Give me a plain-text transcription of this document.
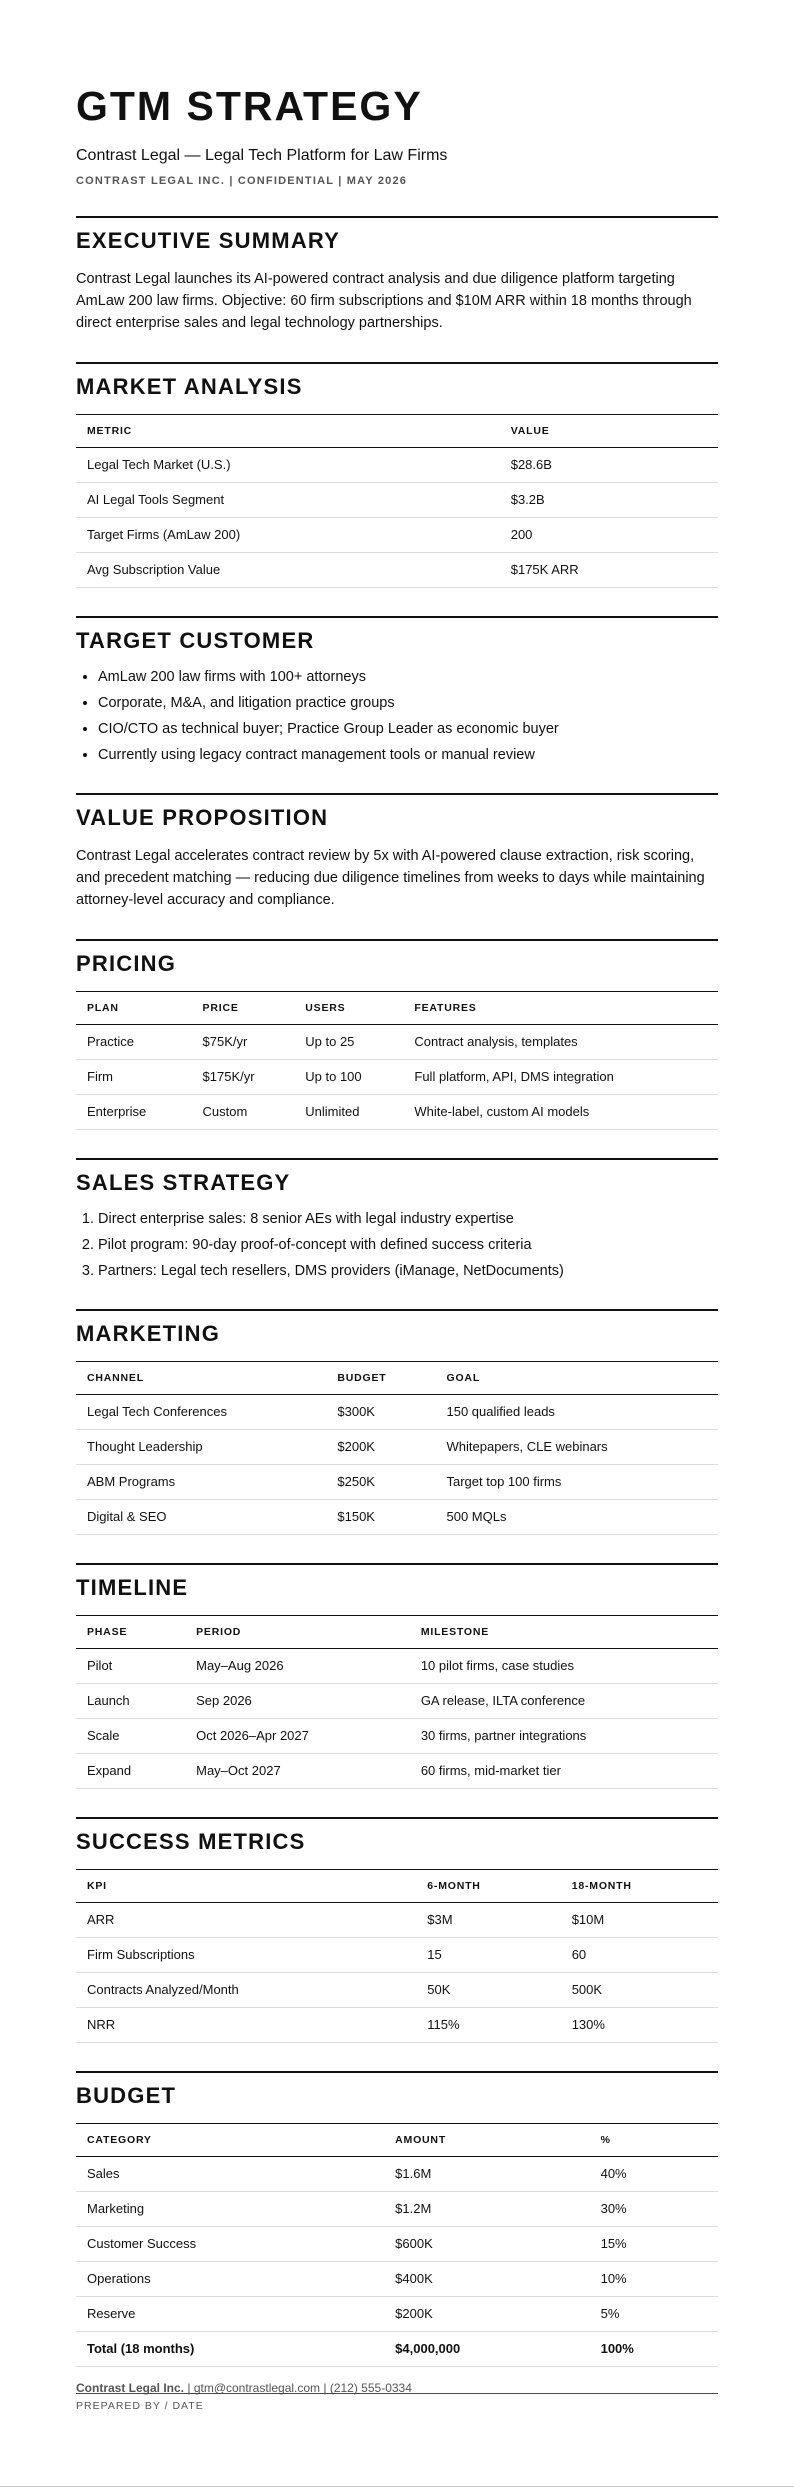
GTM STRATEGY
Contrast Legal — Legal Tech Platform for Law Firms
CONTRAST LEGAL INC. | CONFIDENTIAL | MAY 2026
EXECUTIVE SUMMARY

Contrast Legal launches its AI-powered contract analysis and due diligence platform targeting AmLaw 200 law firms. Objective: 60 firm subscriptions and $10M ARR within 18 months through direct enterprise sales and legal technology partnerships.

MARKET ANALYSIS
METRIC	VALUE
Legal Tech Market (U.S.)	$28.6B
AI Legal Tools Segment	$3.2B
Target Firms (AmLaw 200)	200
Avg Subscription Value	$175K ARR
TARGET CUSTOMER
• AmLaw 200 law firms with 100+ attorneys
• Corporate, M&A, and litigation practice groups
• CIO/CTO as technical buyer; Practice Group Leader as economic buyer
• Currently using legacy contract management tools or manual review
VALUE PROPOSITION

Contrast Legal accelerates contract review by 5x with AI-powered clause extraction, risk scoring, and precedent matching — reducing due diligence timelines from weeks to days while maintaining attorney-level accuracy and compliance.

PRICING
PLAN	PRICE	USERS	FEATURES
Practice	$75K/yr	Up to 25	Contract analysis, templates
Firm	$175K/yr	Up to 100	Full platform, API, DMS integration
Enterprise	Custom	Unlimited	White-label, custom AI models
SALES STRATEGY
1. Direct enterprise sales: 8 senior AEs with legal industry expertise
2. Pilot program: 90-day proof-of-concept with defined success criteria
3. Partners: Legal tech resellers, DMS providers (iManage, NetDocuments)
MARKETING
CHANNEL	BUDGET	GOAL
Legal Tech Conferences	$300K	150 qualified leads
Thought Leadership	$200K	Whitepapers, CLE webinars
ABM Programs	$250K	Target top 100 firms
Digital & SEO	$150K	500 MQLs
TIMELINE
PHASE	PERIOD	MILESTONE
Pilot	May–Aug 2026	10 pilot firms, case studies
Launch	Sep 2026	GA release, ILTA conference
Scale	Oct 2026–Apr 2027	30 firms, partner integrations
Expand	May–Oct 2027	60 firms, mid-market tier
SUCCESS METRICS
KPI	6-MONTH	18-MONTH
ARR	$3M	$10M
Firm Subscriptions	15	60
Contracts Analyzed/Month	50K	500K
NRR	115%	130%
BUDGET
CATEGORY	AMOUNT	%
Sales	$1.6M	40%
Marketing	$1.2M	30%
Customer Success	$600K	15%
Operations	$400K	10%
Reserve	$200K	5%
Total (18 months)	$4,000,000	100%
Contrast Legal Inc. | gtm@contrastlegal.com | (212) 555-0334
PREPARED BY / DATE
